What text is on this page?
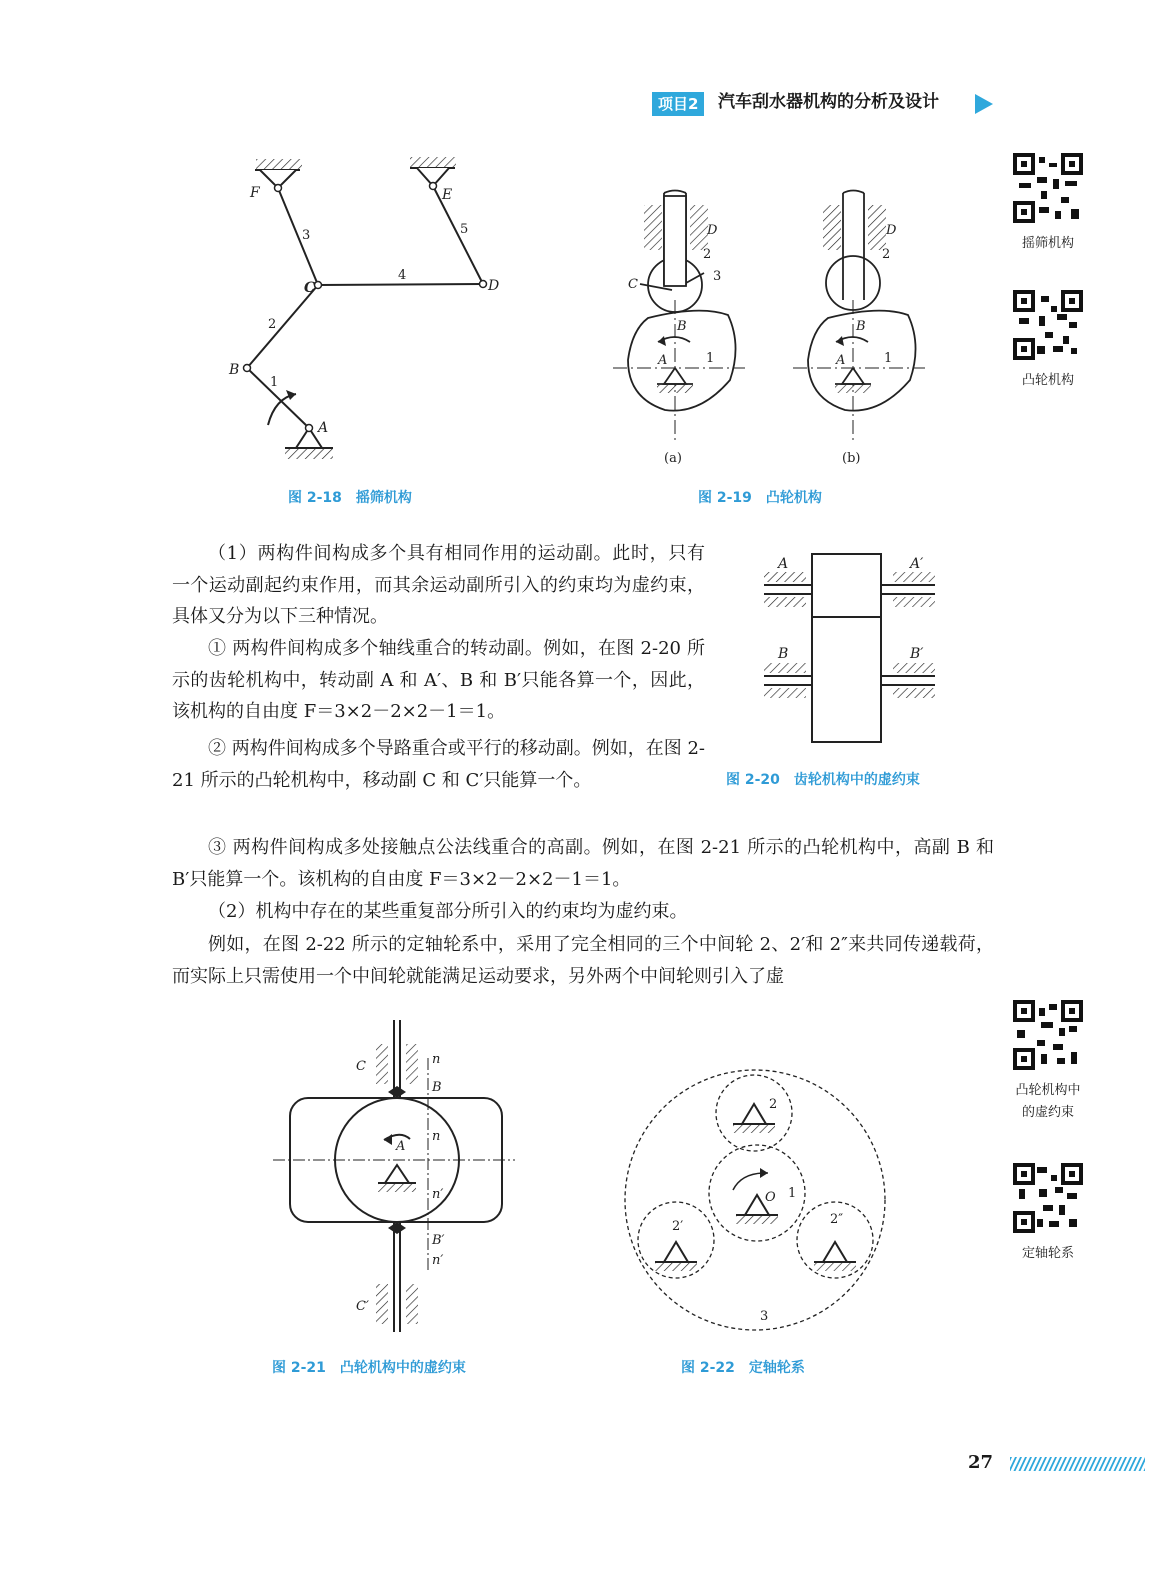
项目2	汽车刮水器机构的分析及设计
F	E
3	5
C
4
D
2
B
1
A
图 2-18　摇筛机构
D
2
3
C
B
1
A
(a)
D
2
B
1
A
(b)
图 2-19　凸轮机构
A	A′
B	B′
图 2-20　齿轮机构中的虚约束

（1）两构件间构成多个具有相同作用的运动副。此时，只有一个运动副起约束作用，而其余运动副所引入的约束均为虚约束，具体又分为以下三种情况。

① 两构件间构成多个轴线重合的转动副。例如，在图 2-20 所示的齿轮机构中，转动副 A 和 A′、B 和 B′只能各算一个，因此，该机构的自由度 F＝3×2－2×2－1＝1。

② 两构件间构成多个导路重合或平行的移动副。例如，在图 2-21 所示的凸轮机构中，移动副 C 和 C′只能算一个。

③ 两构件间构成多处接触点公法线重合的高副。例如，在图 2-21 所示的凸轮机构中，高副 B 和 B′只能算一个。该机构的自由度 F＝3×2－2×2－1＝1。

（2）机构中存在的某些重复部分所引入的约束均为虚约束。

例如，在图 2-22 所示的定轴轮系中，采用了完全相同的三个中间轮 2、2′和 2″来共同传递载荷，而实际上只需使用一个中间轮就能满足运动要求，另外两个中间轮则引入了虚

C	n
B
A
n
n′
B′
n′
C′
图 2-21　凸轮机构中的虚约束
2
O 1
2′	2″
3
图 2-22　定轴轮系
摇筛机构
凸轮机构
凸轮机构中的虚约束
定轴轮系
27
